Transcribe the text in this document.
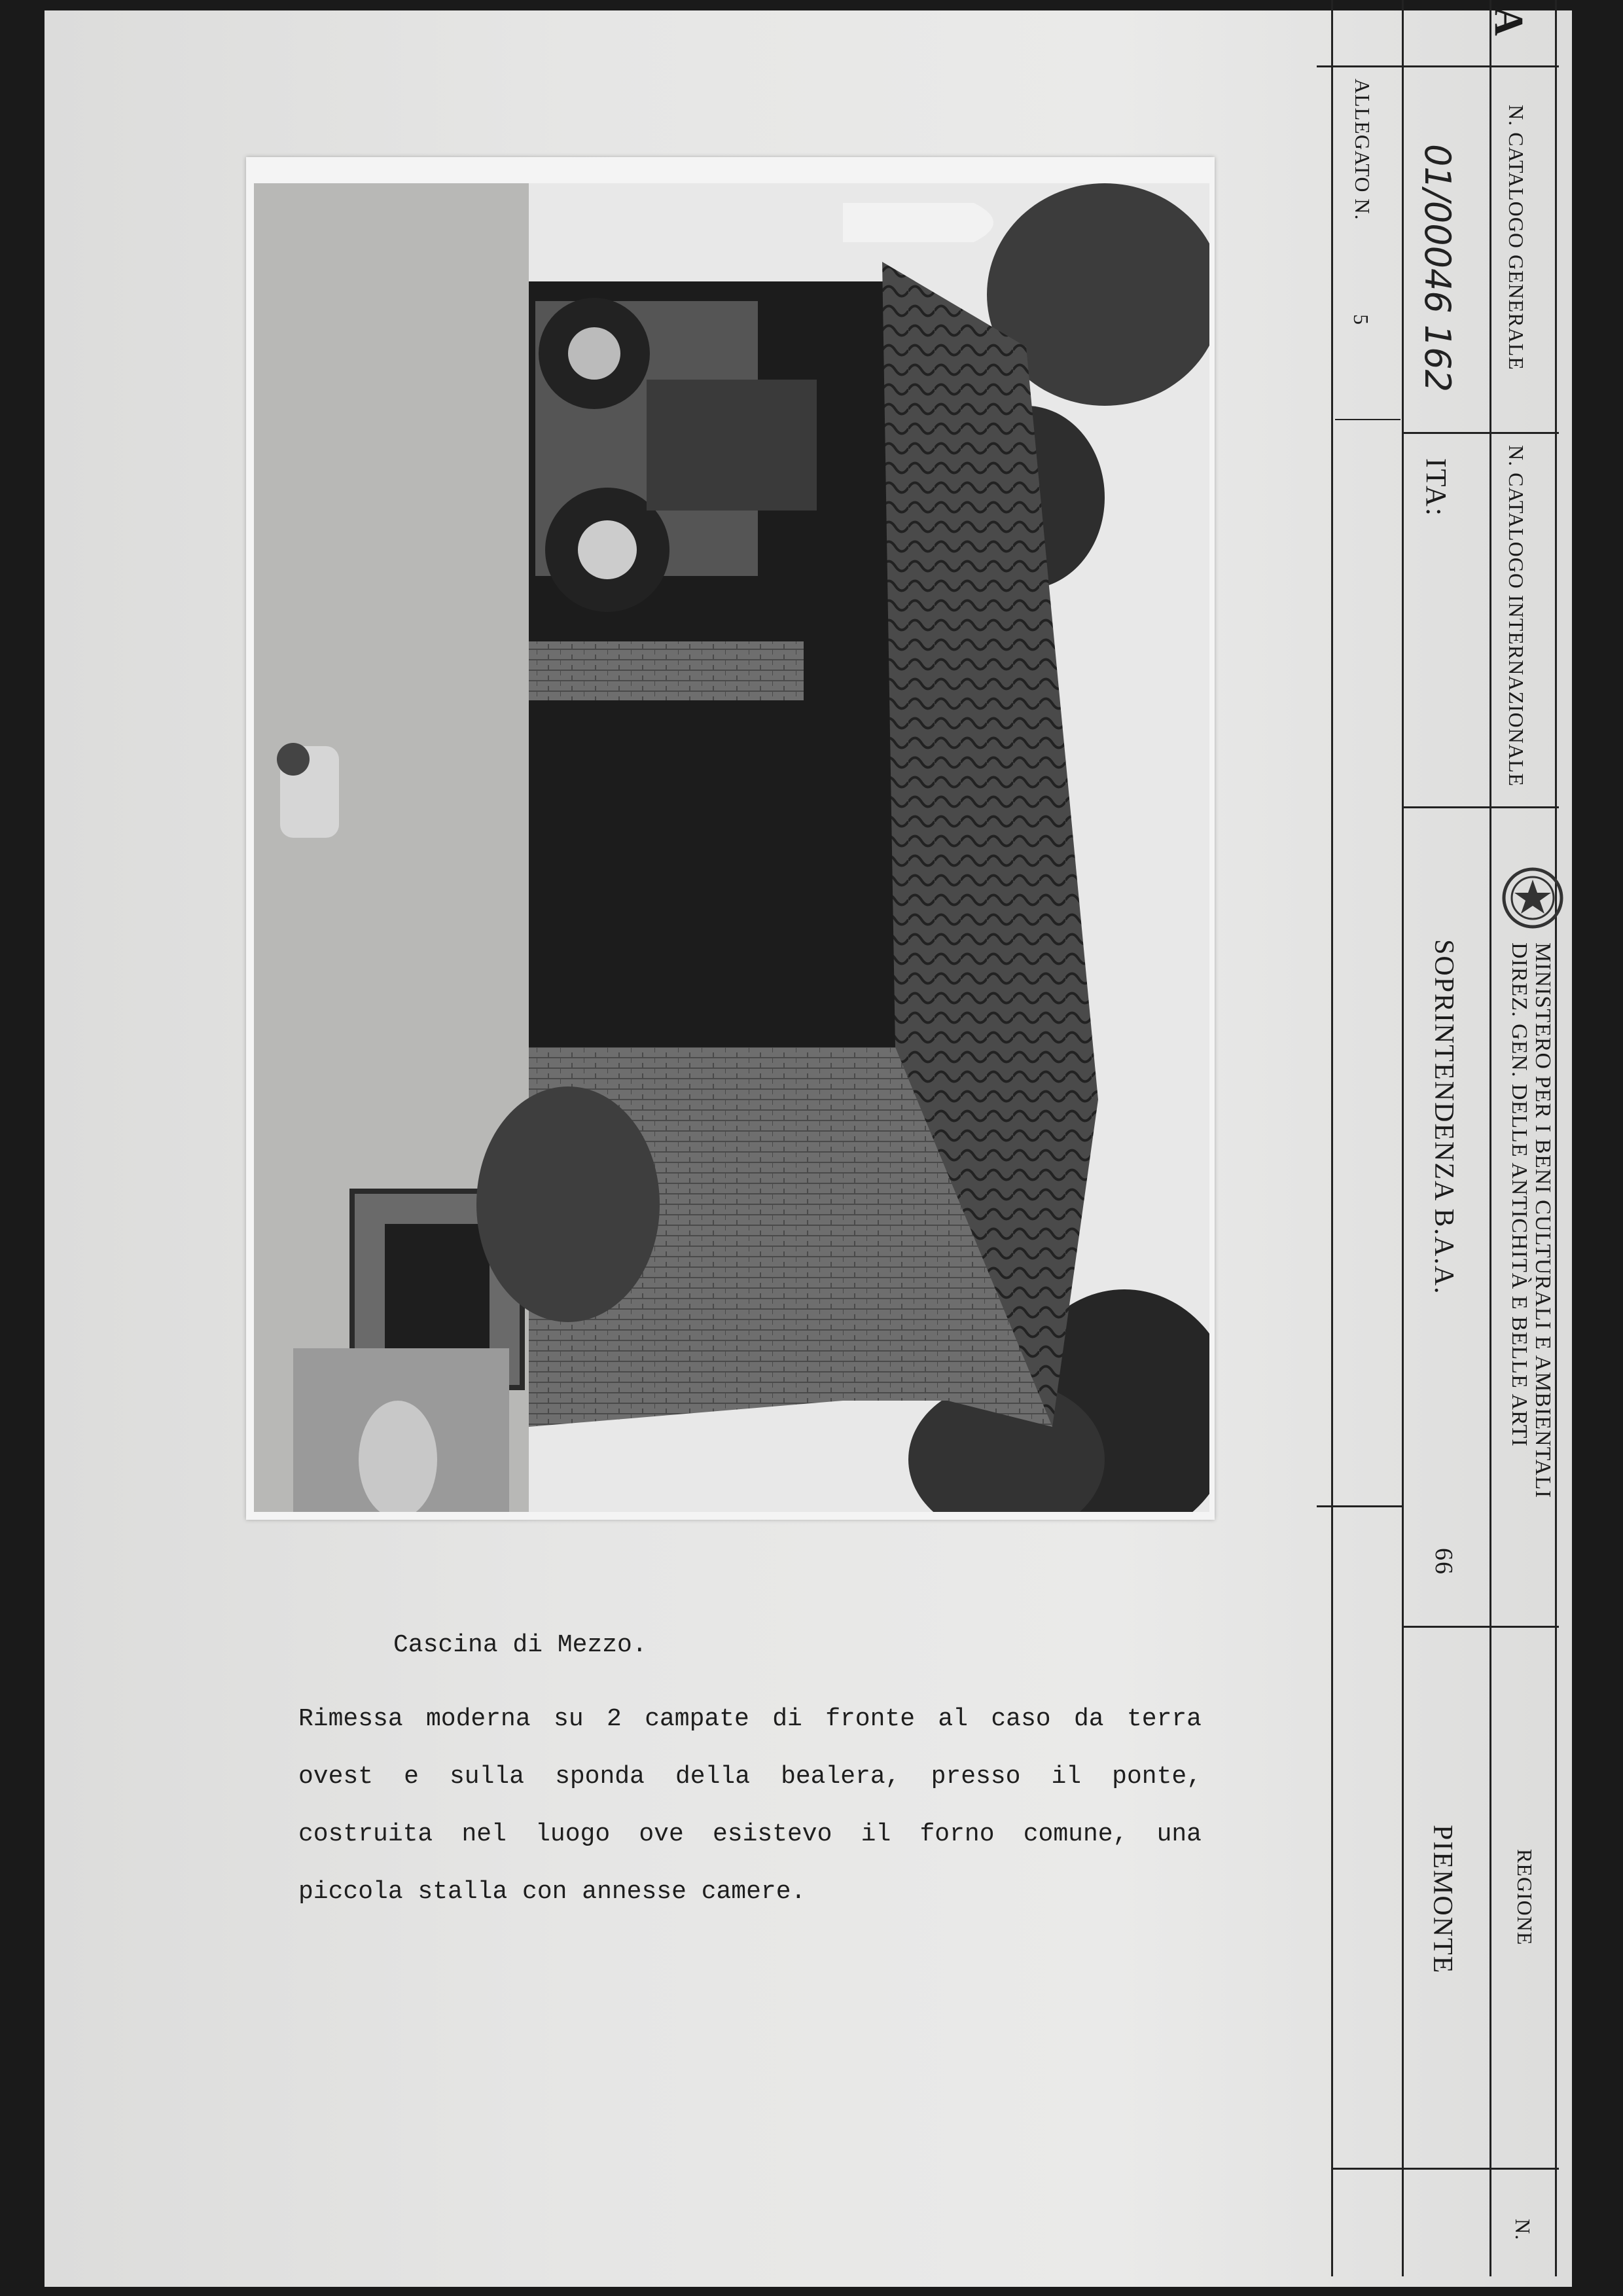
A
N. CATALOGO GENERALE
01/00046 162
N. CATALOGO INTERNAZIONALE
ITA:
ALLEGATO N.
5
MINISTERO PER I BENI CULTURALI E AMBIENTALI
DIREZ. GEN. DELLE ANTICHITÀ E BELLE ARTI
SOPRINTENDENZA B.A.A.
66
REGIONE
PIEMONTE
N.
Cascina di Mezzo.
Rimessa moderna su 2 campate di fronte al caso da terra
ovest e sulla sponda della bealera, presso il ponte,
costruita nel luogo ove esistevo il forno comune, una
piccola stalla con annesse camere.
